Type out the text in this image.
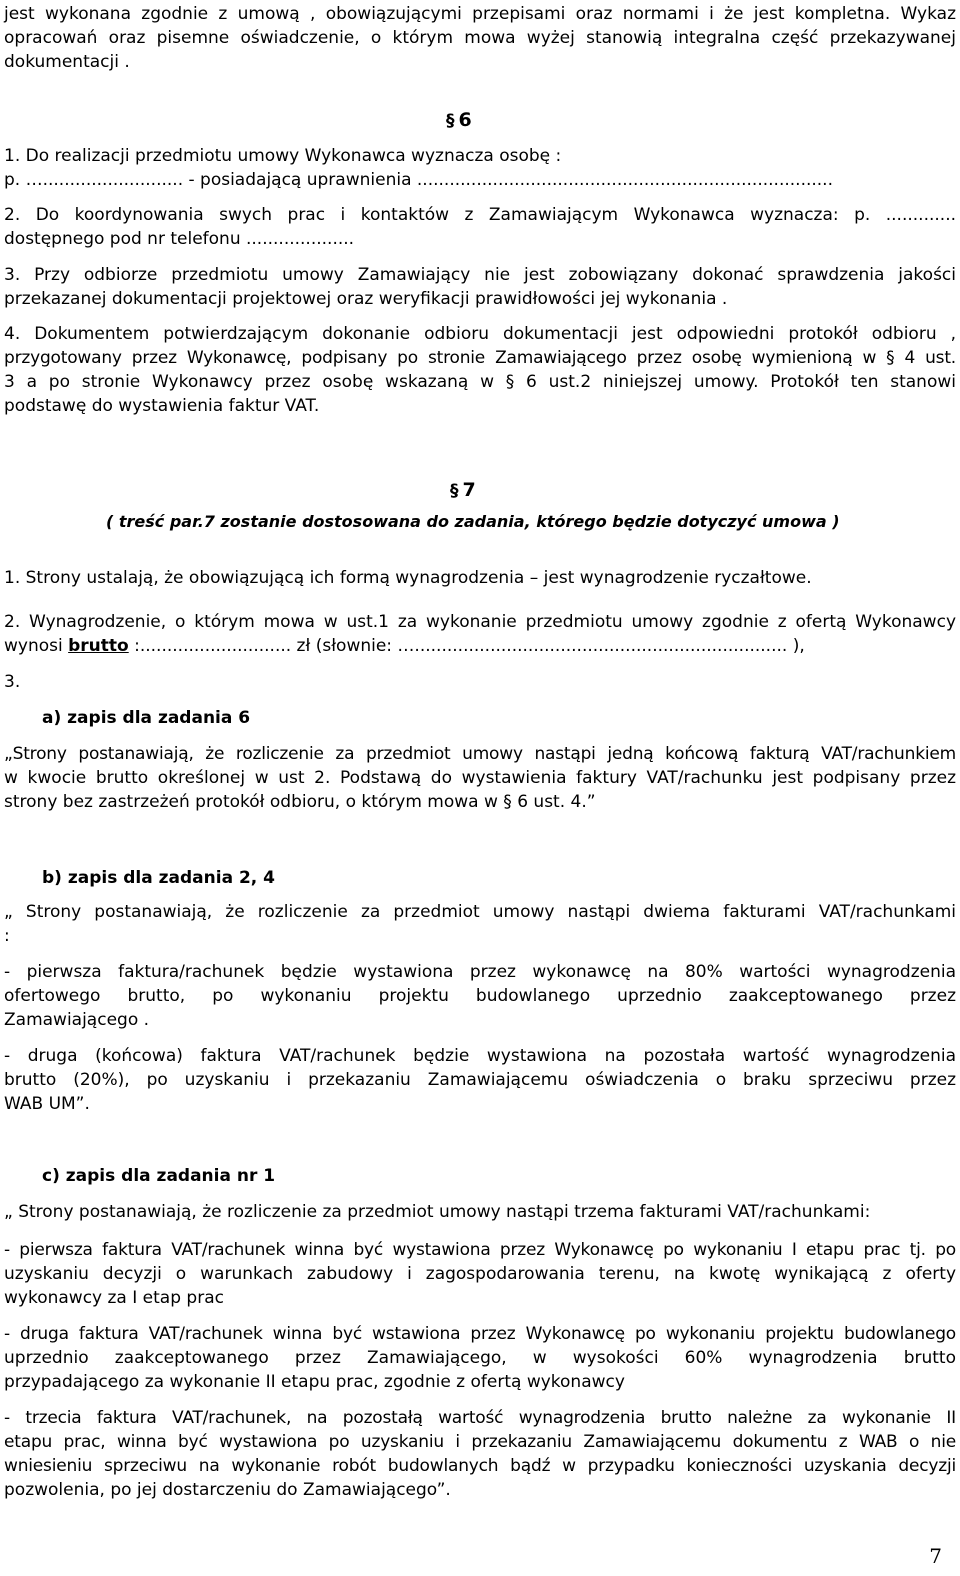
jest wykonana zgodnie z umową , obowiązującymi przepisami oraz normami i że jest kompletna. Wykaz
opracowań oraz pisemne oświadczenie, o którym mowa wyżej stanowią integralna część przekazywanej
dokumentacji .
§ 6
1. Do realizacji przedmiotu umowy Wykonawca wyznacza osobę :
p. ….......................... - posiadającą uprawnienia .............................................................................
2. Do koordynowania swych prac i kontaktów z Zamawiającym Wykonawca wyznacza: p. .............
dostępnego pod nr telefonu ....................
3. Przy odbiorze przedmiotu umowy Zamawiający nie jest zobowiązany dokonać sprawdzenia jakości
przekazanej dokumentacji projektowej oraz weryfikacji prawidłowości jej wykonania .
4. Dokumentem potwierdzającym dokonanie odbioru dokumentacji jest odpowiedni protokół odbioru ,
przygotowany przez Wykonawcę, podpisany po stronie Zamawiającego przez osobę wymienioną w § 4 ust.
3 a po stronie Wykonawcy przez osobę wskazaną w § 6 ust.2 niniejszej umowy. Protokół ten stanowi
podstawę do wystawienia faktur VAT.
§ 7
( treść par.7 zostanie dostosowana do zadania, którego będzie dotyczyć umowa )
1. Strony ustalają, że obowiązującą ich formą wynagrodzenia – jest wynagrodzenie ryczałtowe.
2. Wynagrodzenie, o którym mowa w ust.1 za wykonanie przedmiotu umowy zgodnie z ofertą Wykonawcy
wynosi brutto :............................ zł (słownie: …..................................................................... ),
3.
a) zapis dla zadania 6
„Strony postanawiają, że rozliczenie za przedmiot umowy nastąpi jedną końcową fakturą VAT/rachunkiem
w kwocie brutto określonej w ust 2. Podstawą do wystawienia faktury VAT/rachunku jest podpisany przez
strony bez zastrzeżeń protokół odbioru, o którym mowa w § 6 ust. 4.”
b) zapis dla zadania 2, 4
„ Strony postanawiają, że rozliczenie za przedmiot umowy nastąpi dwiema fakturami VAT/rachunkami
:
- pierwsza faktura/rachunek będzie wystawiona przez wykonawcę na 80% wartości wynagrodzenia
ofertowego brutto, po wykonaniu projektu budowlanego uprzednio zaakceptowanego przez
Zamawiającego .
- druga (końcowa) faktura VAT/rachunek będzie wystawiona na pozostała wartość wynagrodzenia
brutto (20%), po uzyskaniu i przekazaniu Zamawiającemu oświadczenia o braku sprzeciwu przez
WAB UM”.
c) zapis dla zadania nr 1
„ Strony postanawiają, że rozliczenie za przedmiot umowy nastąpi trzema fakturami VAT/rachunkami:
- pierwsza faktura VAT/rachunek winna być wystawiona przez Wykonawcę po wykonaniu I etapu prac tj. po
uzyskaniu decyzji o warunkach zabudowy i zagospodarowania terenu, na kwotę wynikającą z oferty
wykonawcy za I etap prac
- druga faktura VAT/rachunek winna być wstawiona przez Wykonawcę po wykonaniu projektu budowlanego
uprzednio zaakceptowanego przez Zamawiającego, w wysokości 60% wynagrodzenia brutto
przypadającego za wykonanie II etapu prac, zgodnie z ofertą wykonawcy
- trzecia faktura VAT/rachunek, na pozostałą wartość wynagrodzenia brutto należne za wykonanie II
etapu prac, winna być wystawiona po uzyskaniu i przekazaniu Zamawiającemu dokumentu z WAB o nie
wniesieniu sprzeciwu na wykonanie robót budowlanych bądź w przypadku konieczności uzyskania decyzji
pozwolenia, po jej dostarczeniu do Zamawiającego”.
7
